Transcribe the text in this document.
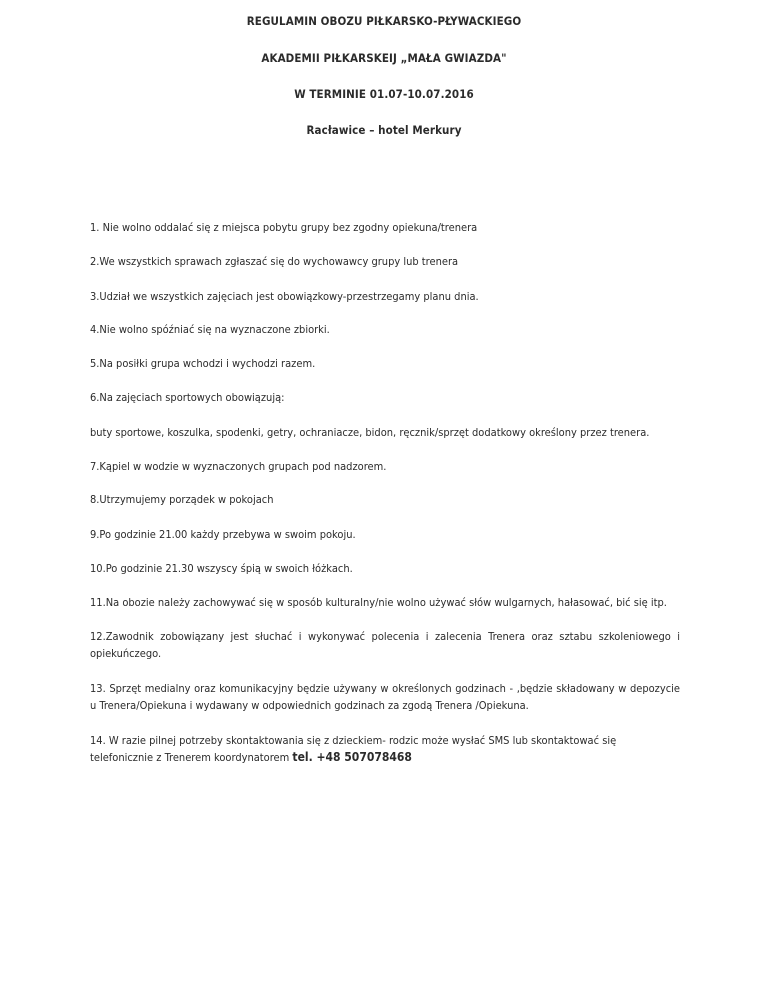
REGULAMIN OBOZU PIŁKARSKO-PŁYWACKIEGO
AKADEMII PIŁKARSKEIJ „MAŁA GWIAZDA"
W TERMINIE 01.07-10.07.2016
Racławice – hotel Merkury
1. Nie wolno oddalać się z miejsca pobytu grupy bez zgodny opiekuna/trenera
2.We wszystkich sprawach zgłaszać się do wychowawcy grupy lub trenera
3.Udział we wszystkich zajęciach jest obowiązkowy-przestrzegamy planu dnia.
4.Nie wolno spóźniać się na wyznaczone zbiorki.
5.Na posiłki grupa wchodzi i wychodzi razem.
6.Na zajęciach sportowych obowiązują:
buty sportowe, koszulka, spodenki, getry, ochraniacze, bidon, ręcznik/sprzęt dodatkowy określony przez trenera.
7.Kąpiel w wodzie w wyznaczonych grupach pod nadzorem.
8.Utrzymujemy porządek w pokojach
9.Po godzinie 21.00 każdy przebywa w swoim pokoju.
10.Po godzinie 21.30 wszyscy śpią w swoich łóżkach.
11.Na obozie należy zachowywać się w sposób kulturalny/nie wolno używać słów wulgarnych, hałasować, bić się itp.
12.Zawodnik zobowiązany jest słuchać i wykonywać polecenia i zalecenia Trenera oraz sztabu szkoleniowego i opiekuńczego.
13. Sprzęt medialny oraz komunikacyjny będzie używany w określonych godzinach - ,będzie składowany w depozycie u Trenera/Opiekuna i wydawany w odpowiednich godzinach za zgodą Trenera /Opiekuna.
14. W razie pilnej potrzeby skontaktowania się z dzieckiem- rodzic może wysłać SMS lub skontaktować się telefonicznie z Trenerem koordynatorem tel. +48 507078468
